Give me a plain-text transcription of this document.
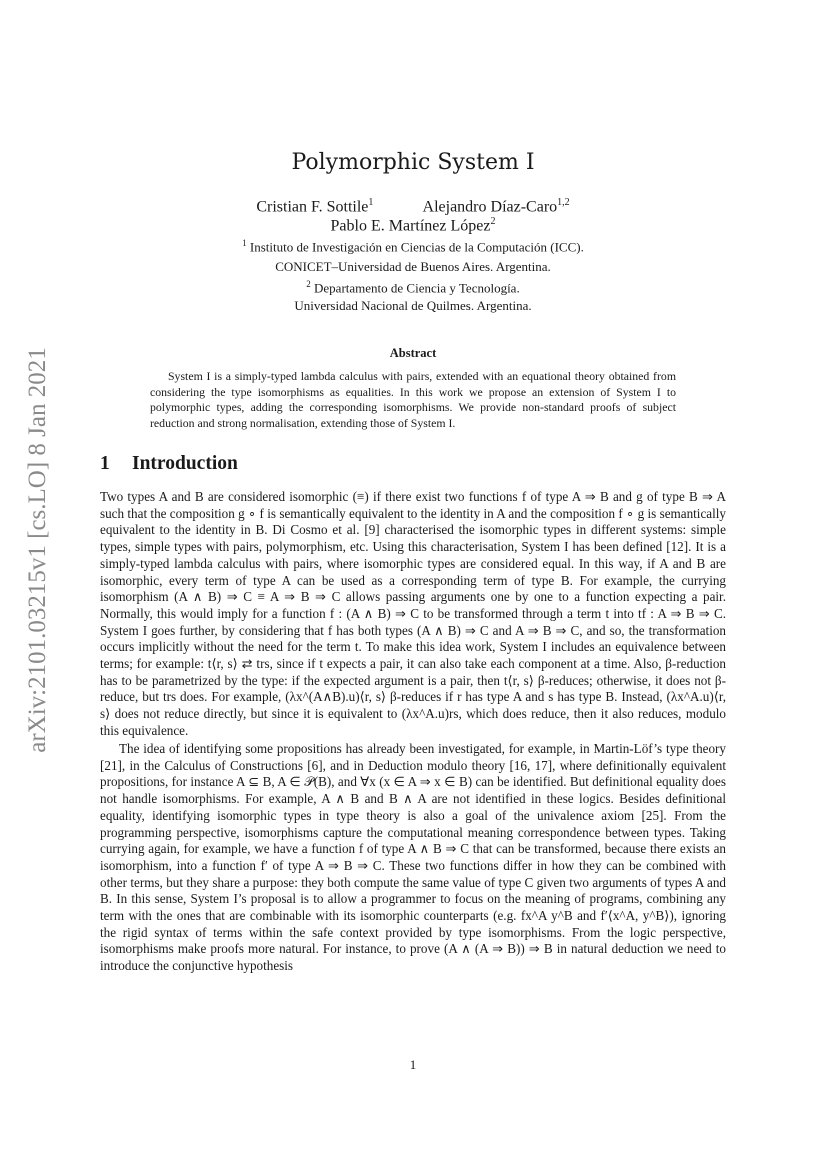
arXiv:2101.03215v1 [cs.LO] 8 Jan 2021
Polymorphic System I
Cristian F. Sottile$^1$	Alejandro Díaz-Caro$^{1,2}$
Pablo E. Martínez López$^2$
$^1$ Instituto de Investigación en Ciencias de la Computación (ICC).
CONICET–Universidad de Buenos Aires. Argentina.
$^2$ Departamento de Ciencia y Tecnología.
Universidad Nacional de Quilmes. Argentina.
Abstract

System I is a simply-typed lambda calculus with pairs, extended with an equational theory obtained from considering the type isomorphisms as equalities. In this work we propose an extension of System I to polymorphic types, adding the corresponding isomorphisms. We provide non-standard proofs of subject reduction and strong normalisation, extending those of System I.

1 Introduction

Two types A and B are considered isomorphic (≡) if there exist two functions f of type A ⇒ B and g of type B ⇒ A such that the composition g ∘ f is semantically equivalent to the identity in A and the composition f ∘ g is semantically equivalent to the identity in B. Di Cosmo et al. [9] characterised the isomorphic types in different systems: simple types, simple types with pairs, polymorphism, etc. Using this characterisation, System I has been defined [12]. It is a simply-typed lambda calculus with pairs, where isomorphic types are considered equal. In this way, if A and B are isomorphic, every term of type A can be used as a corresponding term of type B. For example, the currying isomorphism (A ∧ B) ⇒ C ≡ A ⇒ B ⇒ C allows passing arguments one by one to a function expecting a pair. Normally, this would imply for a function f : (A ∧ B) ⇒ C to be transformed through a term t into tf : A ⇒ B ⇒ C. System I goes further, by considering that f has both types (A ∧ B) ⇒ C and A ⇒ B ⇒ C, and so, the transformation occurs implicitly without the need for the term t. To make this idea work, System I includes an equivalence between terms; for example: t⟨r, s⟩ ⇄ trs, since if t expects a pair, it can also take each component at a time. Also, β-reduction has to be parametrized by the type: if the expected argument is a pair, then t⟨r, s⟩ β-reduces; otherwise, it does not β-reduce, but trs does. For example, (λx^(A∧B).u)⟨r, s⟩ β-reduces if r has type A and s has type B. Instead, (λx^A.u)⟨r, s⟩ does not reduce directly, but since it is equivalent to (λx^A.u)rs, which does reduce, then it also reduces, modulo this equivalence.

The idea of identifying some propositions has already been investigated, for example, in Martin-Löf’s type theory [21], in the Calculus of Constructions [6], and in Deduction modulo theory [16, 17], where definitionally equivalent propositions, for instance A ⊆ B, A ∈ 𝒫(B), and ∀x (x ∈ A ⇒ x ∈ B) can be identified. But definitional equality does not handle isomorphisms. For example, A ∧ B and B ∧ A are not identified in these logics. Besides definitional equality, identifying isomorphic types in type theory is also a goal of the univalence axiom [25]. From the programming perspective, isomorphisms capture the computational meaning correspondence between types. Taking currying again, for example, we have a function f of type A ∧ B ⇒ C that can be transformed, because there exists an isomorphism, into a function f′ of type A ⇒ B ⇒ C. These two functions differ in how they can be combined with other terms, but they share a purpose: they both compute the same value of type C given two arguments of types A and B. In this sense, System I’s proposal is to allow a programmer to focus on the meaning of programs, combining any term with the ones that are combinable with its isomorphic counterparts (e.g. fx^A y^B and f′⟨x^A, y^B⟩), ignoring the rigid syntax of terms within the safe context provided by type isomorphisms. From the logic perspective, isomorphisms make proofs more natural. For instance, to prove (A ∧ (A ⇒ B)) ⇒ B in natural deduction we need to introduce the conjunctive hypothesis

1
